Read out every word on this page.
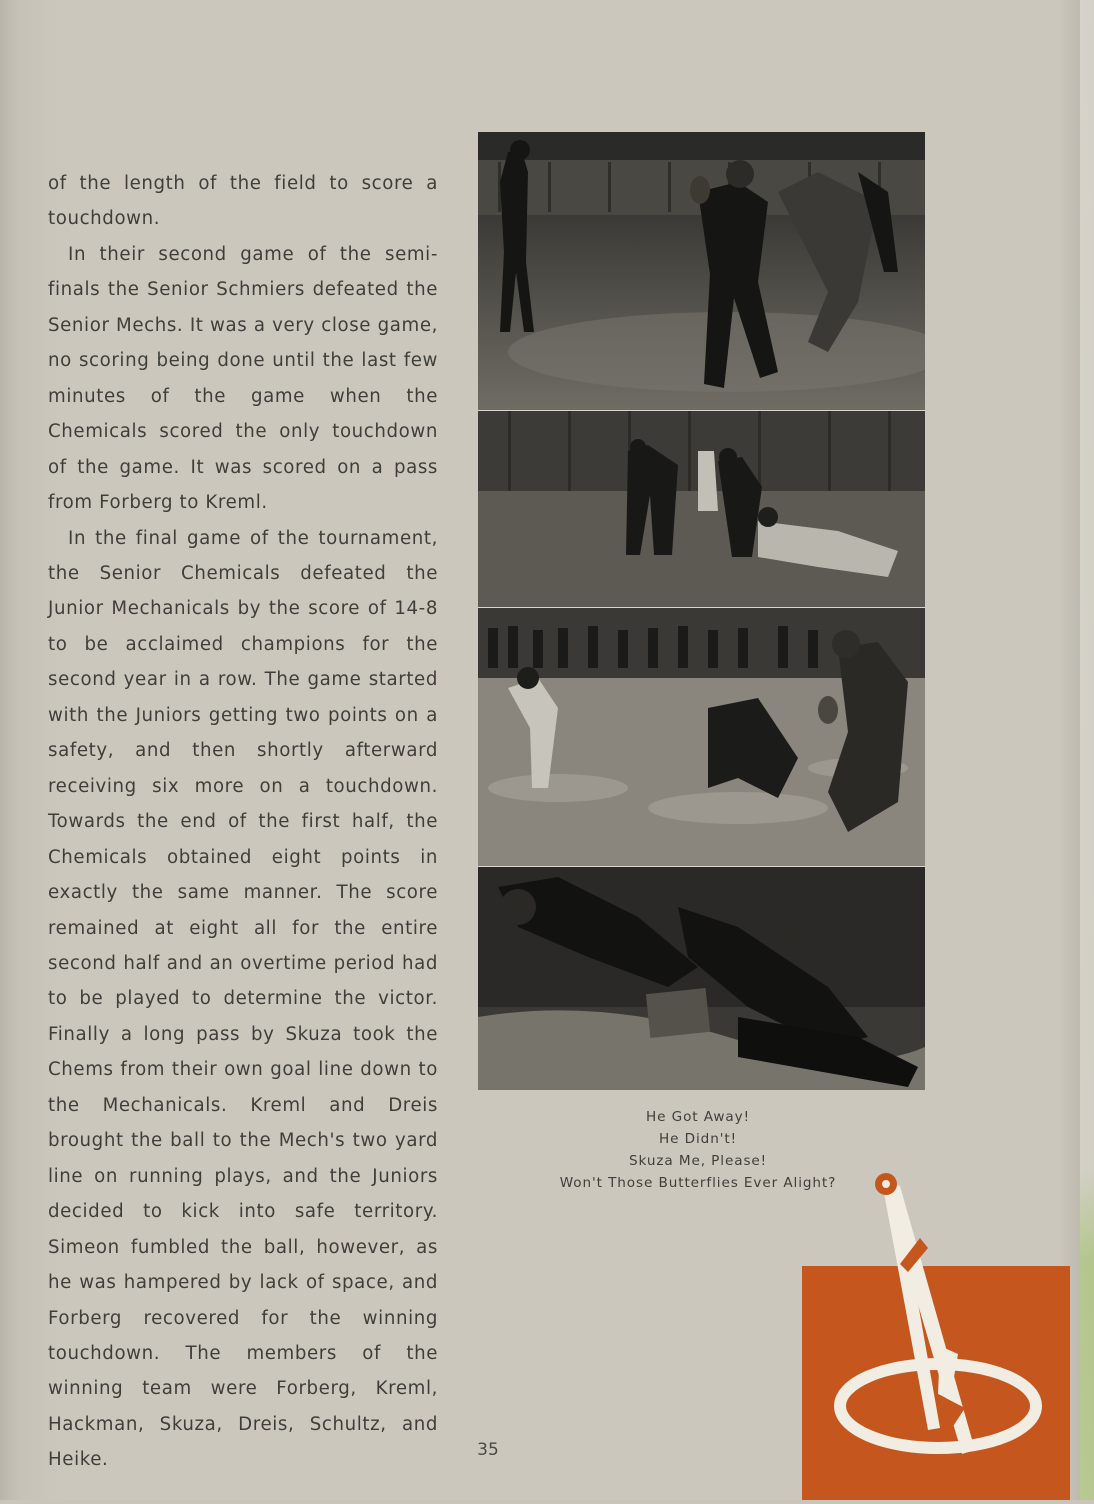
of the length of the field to score a touchdown.

In their second game of the semi-finals the Senior Schmiers defeated the Senior Mechs. It was a very close game, no scoring being done until the last few minutes of the game when the Chemicals scored the only touchdown of the game. It was scored on a pass from Forberg to Kreml.

In the final game of the tournament, the Senior Chemicals defeated the Junior Mechanicals by the score of 14-8 to be acclaimed champions for the second year in a row. The game started with the Juniors getting two points on a safety, and then shortly afterward receiving six more on a touchdown. Towards the end of the first half, the Chemicals obtained eight points in exactly the same manner. The score remained at eight all for the entire second half and an overtime period had to be played to determine the victor. Finally a long pass by Skuza took the Chems from their own goal line down to the Mechanicals. Kreml and Dreis brought the ball to the Mech's two yard line on running plays, and the Juniors decided to kick into safe territory. Simeon fumbled the ball, however, as he was hampered by lack of space, and Forberg recovered for the winning touchdown. The members of the winning team were Forberg, Kreml, Hackman, Skuza, Dreis, Schultz, and Heike.

He Got Away!
He Didn't!
Skuza Me, Please!
Won't Those Butterflies Ever Alight?
35
